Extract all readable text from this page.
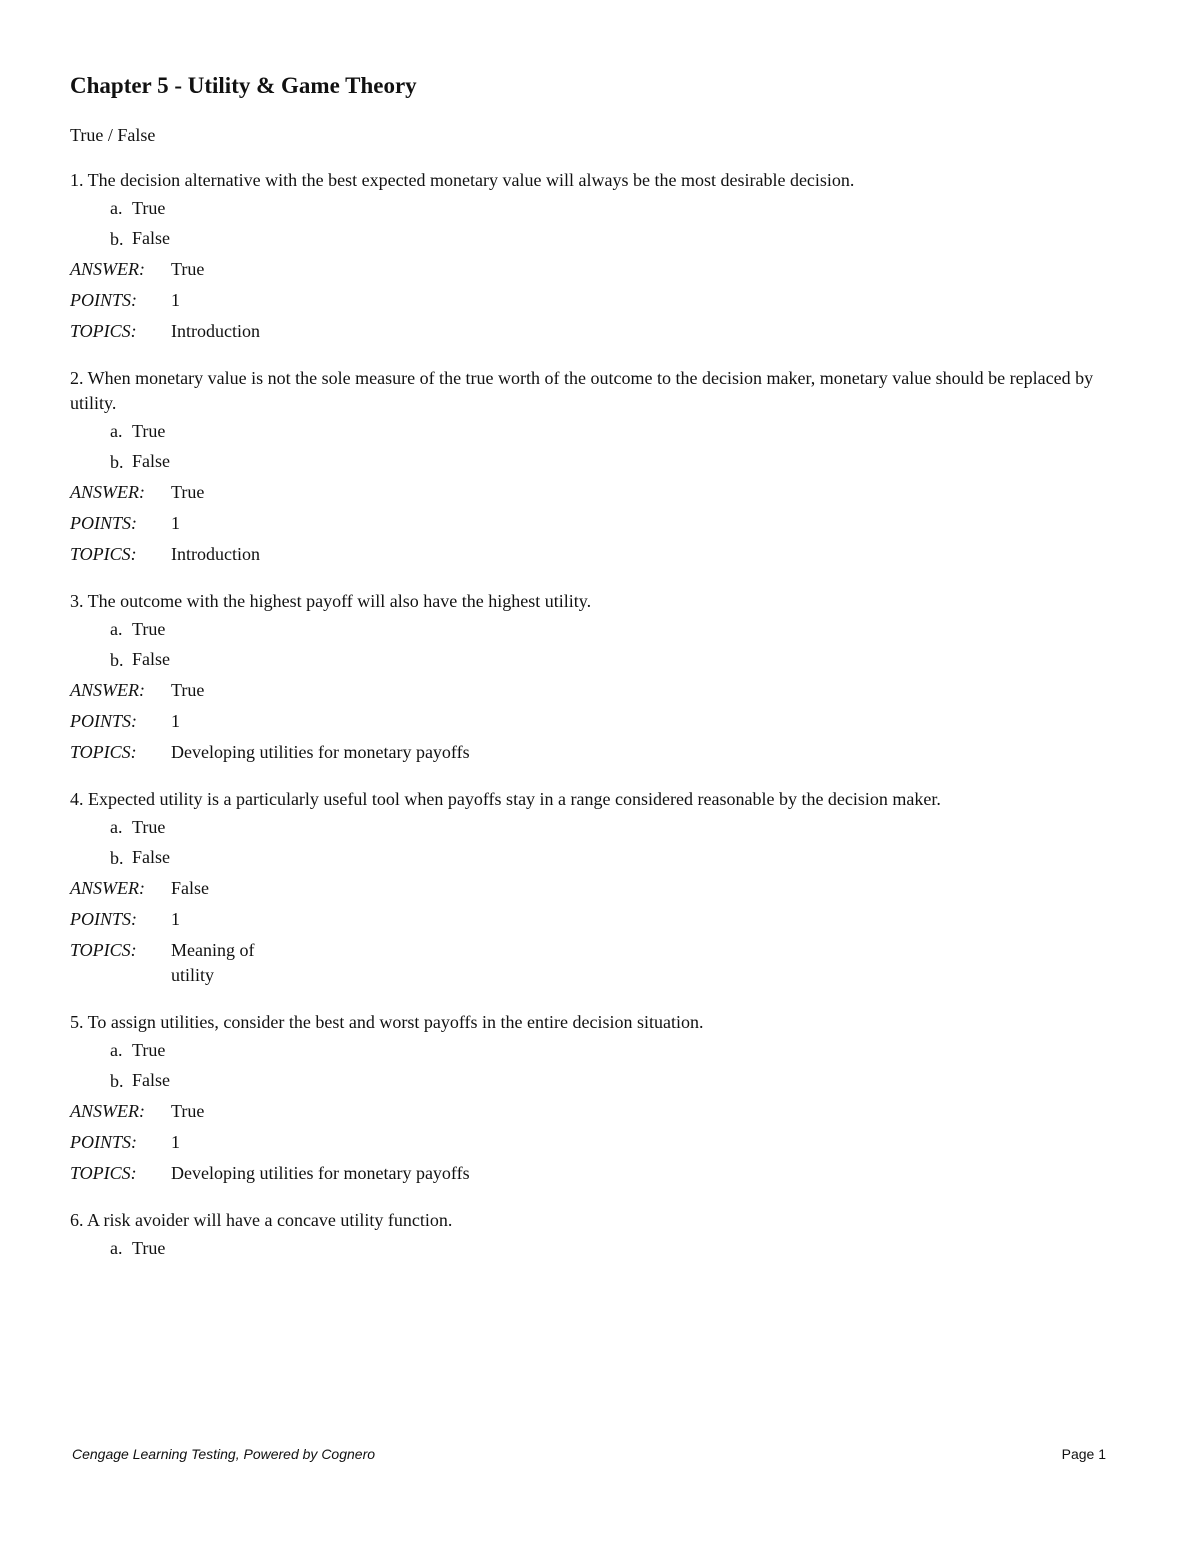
Chapter 5 - Utility & Game Theory
True / False

1. The decision alternative with the best expected monetary value will always be the most desirable decision.

a. True
b. False
ANSWER:	True
POINTS:	1
TOPICS:	Introduction

2. When monetary value is not the sole measure of the true worth of the outcome to the decision maker, monetary value should be replaced by utility.

a. True
b. False
ANSWER:	True
POINTS:	1
TOPICS:	Introduction

3. The outcome with the highest payoff will also have the highest utility.

a. True
b. False
ANSWER:	True
POINTS:	1
TOPICS:	Developing utilities for monetary payoffs

4. Expected utility is a particularly useful tool when payoffs stay in a range considered reasonable by the decision maker.

a. True
b. False
ANSWER:	False
POINTS:	1
TOPICS:	Meaning of utility

5. To assign utilities, consider the best and worst payoffs in the entire decision situation.

a. True
b. False
ANSWER:	True
POINTS:	1
TOPICS:	Developing utilities for monetary payoffs

6. A risk avoider will have a concave utility function.

a. True
Cengage Learning Testing, Powered by Cognero	Page 1
